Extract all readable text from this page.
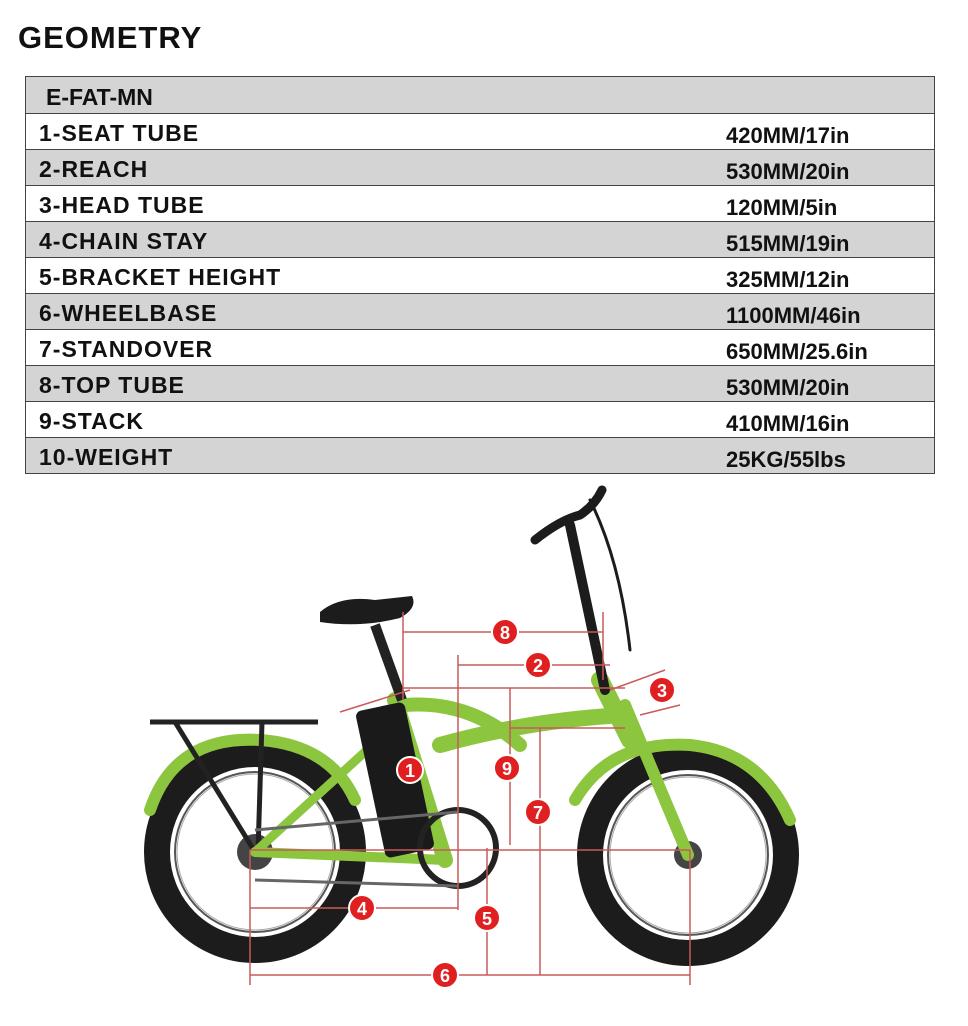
GEOMETRY
E-FAT-MN
1-SEAT TUBE	420MM/17in
2-REACH	530MM/20in
3-HEAD TUBE	120MM/5in
4-CHAIN STAY	515MM/19in
5-BRACKET HEIGHT	325MM/12in
6-WHEELBASE	1100MM/46in
7-STANDOVER	650MM/25.6in
8-TOP TUBE	530MM/20in
9-STACK	410MM/16in
10-WEIGHT	25KG/55lbs
1
2
3
4	5
6
7
8
9
